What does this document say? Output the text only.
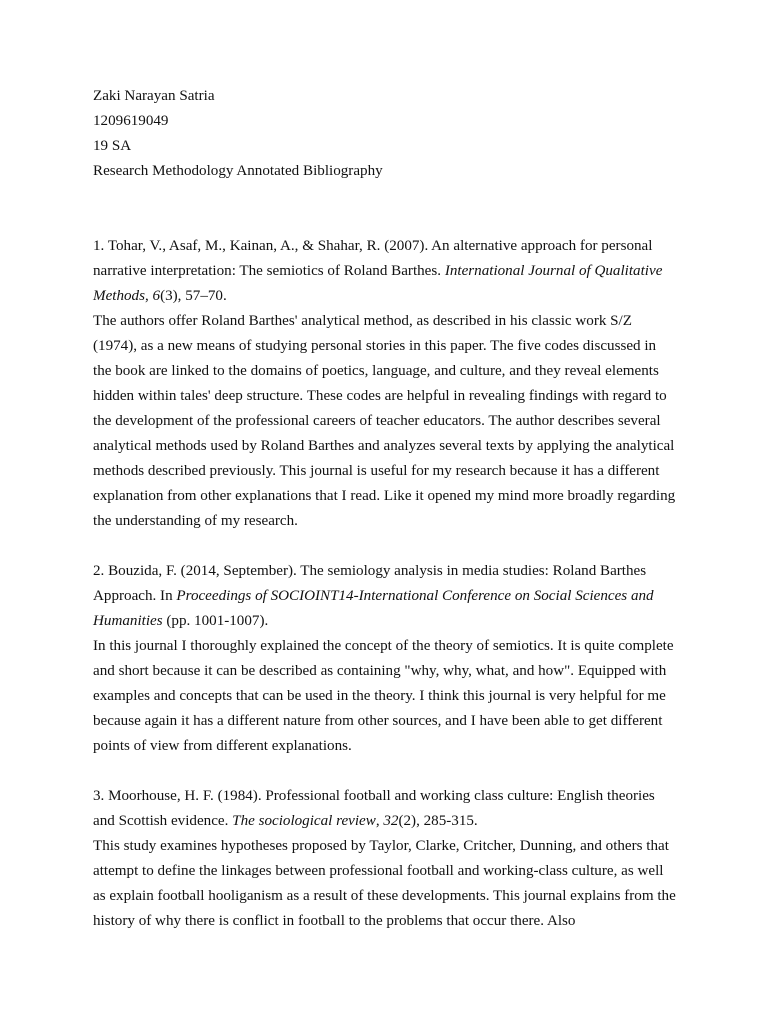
Zaki Narayan Satria
1209619049
19 SA
Research Methodology Annotated Bibliography

1. Tohar, V., Asaf, M., Kainan, A., & Shahar, R. (2007). An alternative approach for personal narrative interpretation: The semiotics of Roland Barthes. International Journal of Qualitative Methods, 6(3), 57–70.

The authors offer Roland Barthes' analytical method, as described in his classic work S/Z (1974), as a new means of studying personal stories in this paper. The five codes discussed in the book are linked to the domains of poetics, language, and culture, and they reveal elements hidden within tales' deep structure. These codes are helpful in revealing findings with regard to the development of the professional careers of teacher educators. The author describes several analytical methods used by Roland Barthes and analyzes several texts by applying the analytical methods described previously. This journal is useful for my research because it has a different explanation from other explanations that I read. Like it opened my mind more broadly regarding the understanding of my research.

2. Bouzida, F. (2014, September). The semiology analysis in media studies: Roland Barthes Approach. In Proceedings of SOCIOINT14-International Conference on Social Sciences and Humanities (pp. 1001-1007).

In this journal I thoroughly explained the concept of the theory of semiotics. It is quite complete and short because it can be described as containing "why, why, what, and how". Equipped with examples and concepts that can be used in the theory. I think this journal is very helpful for me because again it has a different nature from other sources, and I have been able to get different points of view from different explanations.

3. Moorhouse, H. F. (1984). Professional football and working class culture: English theories and Scottish evidence. The sociological review, 32(2), 285-315.

This study examines hypotheses proposed by Taylor, Clarke, Critcher, Dunning, and others that attempt to define the linkages between professional football and working-class culture, as well as explain football hooliganism as a result of these developments. This journal explains from the history of why there is conflict in football to the problems that occur there. Also
